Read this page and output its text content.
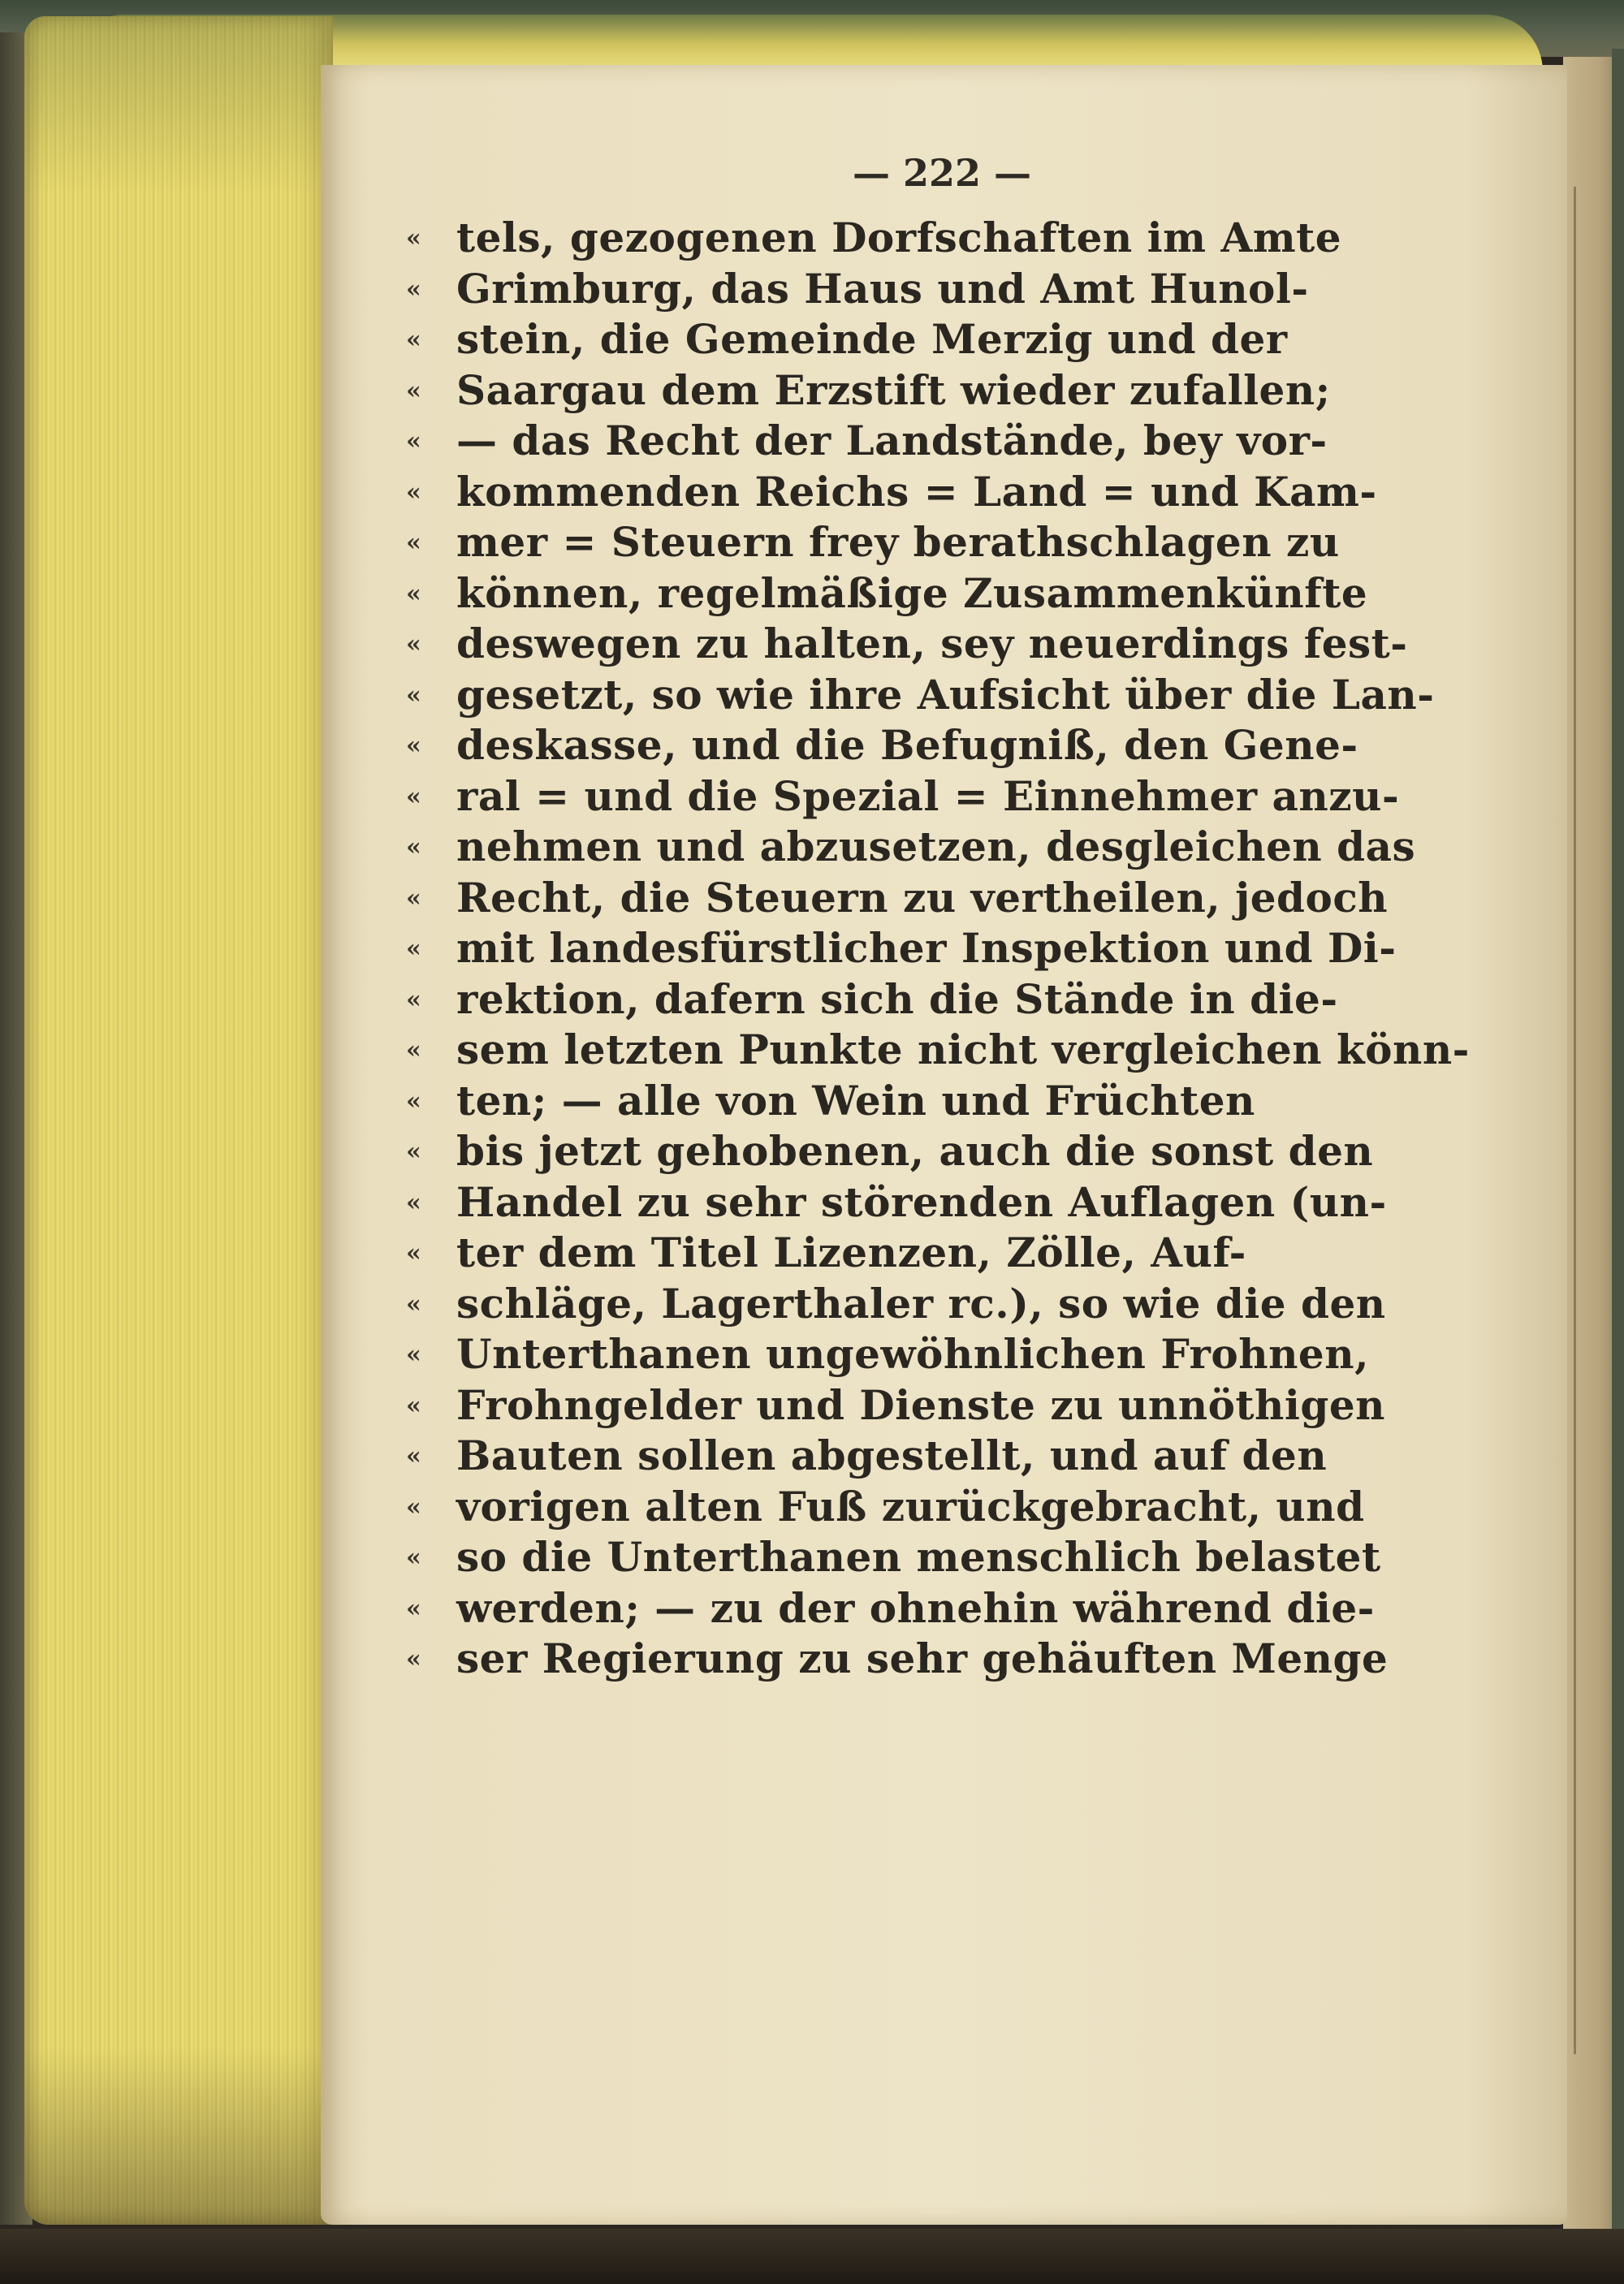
— 222 —
« tels, gezogenen Dorfschaften im Amte
« Grimburg, das Haus und Amt Hunol-
« stein, die Gemeinde Merzig und der
« Saargau dem Erzstift wieder zufallen;
« — das Recht der Landstände, bey vor-
« kommenden Reichs = Land = und Kam-
« mer = Steuern frey berathschlagen zu
« können, regelmäßige Zusammenkünfte
« deswegen zu halten, sey neuerdings fest-
« gesetzt, so wie ihre Aufsicht über die Lan-
« deskasse, und die Befugniß, den Gene-
« ral = und die Spezial = Einnehmer anzu-
« nehmen und abzusetzen, desgleichen das
« Recht, die Steuern zu vertheilen, jedoch
« mit landesfürstlicher Inspektion und Di-
« rektion, dafern sich die Stände in die-
« sem letzten Punkte nicht vergleichen könn-
« ten; — alle von Wein und Früchten
« bis jetzt gehobenen, auch die sonst den
« Handel zu sehr störenden Auflagen (un-
« ter dem Titel Lizenzen, Zölle, Auf-
« schläge, Lagerthaler rc.), so wie die den
« Unterthanen ungewöhnlichen Frohnen,
« Frohngelder und Dienste zu unnöthigen
« Bauten sollen abgestellt, und auf den
« vorigen alten Fuß zurückgebracht, und
« so die Unterthanen menschlich belastet
« werden; — zu der ohnehin während die-
« ser Regierung zu sehr gehäuften Menge
